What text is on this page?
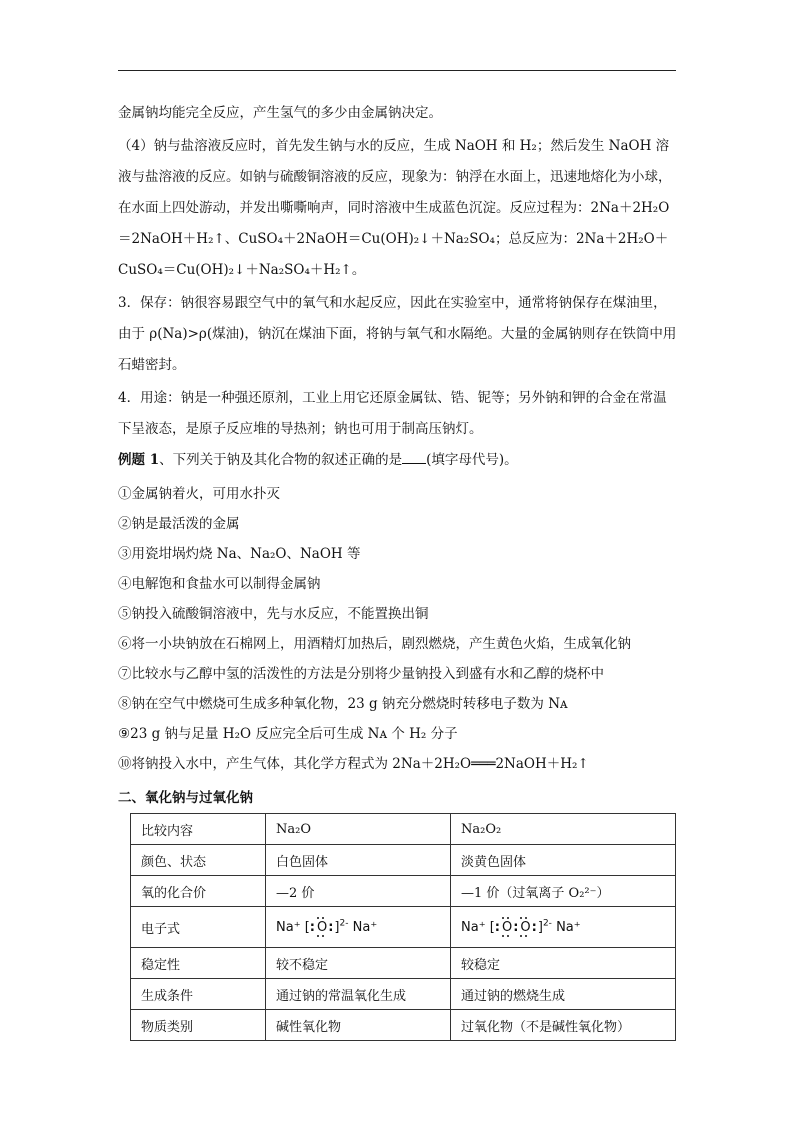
金属钠均能完全反应，产生氢气的多少由金属钠决定。

（4）钠与盐溶液反应时，首先发生钠与水的反应，生成 NaOH 和 H₂；然后发生 NaOH 溶液与盐溶液的反应。如钠与硫酸铜溶液的反应，现象为：钠浮在水面上，迅速地熔化为小球，在水面上四处游动，并发出嘶嘶响声，同时溶液中生成蓝色沉淀。反应过程为：2Na＋2H₂O＝2NaOH＋H₂↑、CuSO₄＋2NaOH＝Cu(OH)₂↓＋Na₂SO₄；总反应为：2Na＋2H₂O＋CuSO₄＝Cu(OH)₂↓＋Na₂SO₄＋H₂↑。

3．保存：钠很容易跟空气中的氧气和水起反应，因此在实验室中，通常将钠保存在煤油里，由于 ρ(Na)>ρ(煤油)，钠沉在煤油下面，将钠与氧气和水隔绝。大量的金属钠则存在铁筒中用石蜡密封。

4．用途：钠是一种强还原剂，工业上用它还原金属钛、锆、铌等；另外钠和钾的合金在常温下呈液态，是原子反应堆的导热剂；钠也可用于制高压钠灯。

例题 1、下列关于钠及其化合物的叙述正确的是 (填字母代号)。

①金属钠着火，可用水扑灭

②钠是最活泼的金属

③用瓷坩埚灼烧 Na、Na₂O、NaOH 等

④电解饱和食盐水可以制得金属钠

⑤钠投入硫酸铜溶液中，先与水反应，不能置换出铜

⑥将一小块钠放在石棉网上，用酒精灯加热后，剧烈燃烧，产生黄色火焰，生成氧化钠

⑦比较水与乙醇中氢的活泼性的方法是分别将少量钠投入到盛有水和乙醇的烧杯中

⑧钠在空气中燃烧可生成多种氧化物，23 g 钠充分燃烧时转移电子数为 Nᴀ

⑨23 g 钠与足量 H₂O 反应完全后可生成 Nᴀ 个 H₂ 分子

⑩将钠投入水中，产生气体，其化学方程式为 2Na＋2H₂O═══2NaOH＋H₂↑

二、氧化钠与过氧化钠
比较内容	Na₂O	Na₂O₂
颜色、状态	白色固体	淡黄色固体
氧的化合价	—2 价	—1 价（过氧离子 O₂²⁻）
电子式	Na⁺ [:O:]$^{2-}$ Na⁺	Na⁺ [:O:O:]$^{2-}$ Na⁺
稳定性	较不稳定	较稳定
生成条件	通过钠的常温氧化生成	通过钠的燃烧生成
物质类别	碱性氧化物	过氧化物（不是碱性氧化物）
